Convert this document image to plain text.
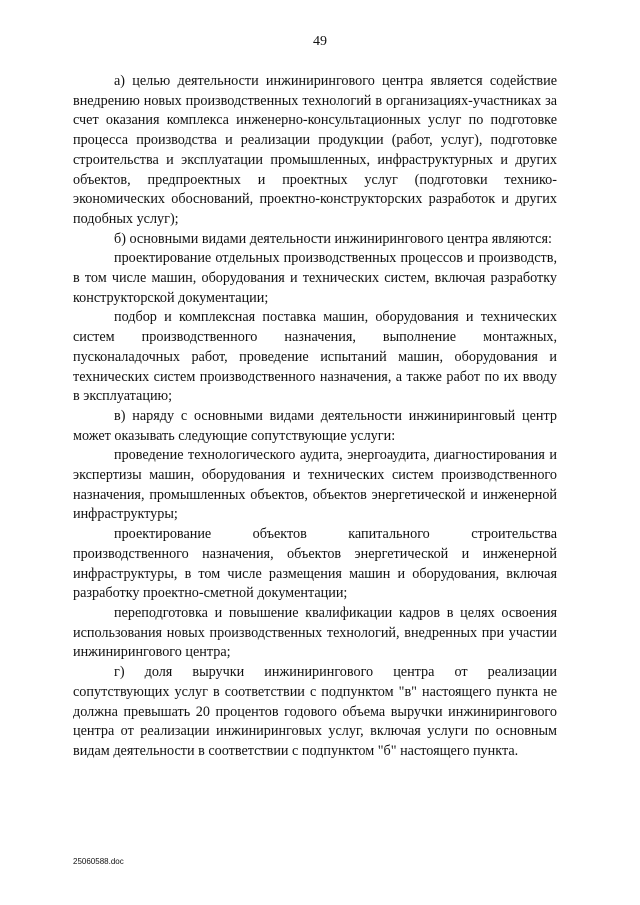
49

а) целью деятельности инжинирингового центра является содействие внедрению новых производственных технологий в организациях-участниках за счет оказания комплекса инженерно-консультационных услуг по подготовке процесса производства и реализации продукции (работ, услуг), подготовке строительства и эксплуатации промышленных, инфраструктурных и других объектов, предпроектных и проектных услуг (подготовки технико-экономических обоснований, проектно-конструкторских разработок и других подобных услуг);

б) основными видами деятельности инжинирингового центра являются:

проектирование отдельных производственных процессов и производств, в том числе машин, оборудования и технических систем, включая разработку конструкторской документации;

подбор и комплексная поставка машин, оборудования и технических систем производственного назначения, выполнение монтажных, пусконаладочных работ, проведение испытаний машин, оборудования и технических систем производственного назначения, а также работ по их вводу в эксплуатацию;

в) наряду с основными видами деятельности инжиниринговый центр может оказывать следующие сопутствующие услуги:

проведение технологического аудита, энергоаудита, диагностирования и экспертизы машин, оборудования и технических систем производственного назначения, промышленных объектов, объектов энергетической и инженерной инфраструктуры;

проектирование объектов капитального строительства производственного назначения, объектов энергетической и инженерной инфраструктуры, в том числе размещения машин и оборудования, включая разработку проектно-сметной документации;

переподготовка и повышение квалификации кадров в целях освоения использования новых производственных технологий, внедренных при участии инжинирингового центра;

г) доля выручки инжинирингового центра от реализации сопутствующих услуг в соответствии с подпунктом "в" настоящего пункта не должна превышать 20 процентов годового объема выручки инжинирингового центра от реализации инжиниринговых услуг, включая услуги по основным видам деятельности в соответствии с подпунктом "б" настоящего пункта.

25060588.doc
